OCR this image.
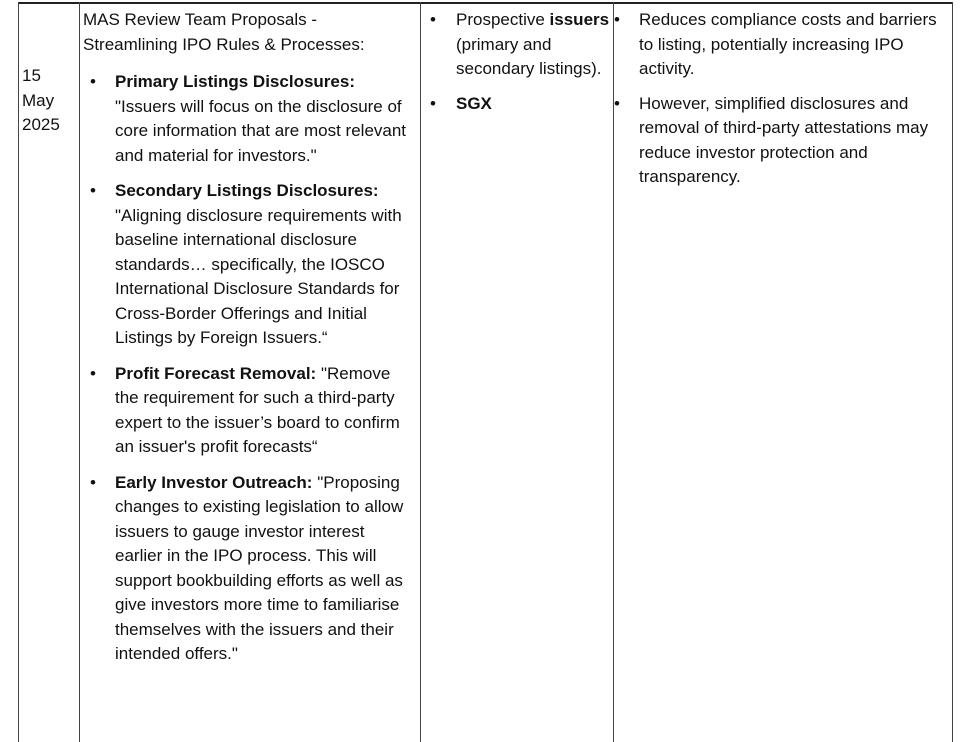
15
May
2025
MAS Review Team Proposals - Streamlining IPO Rules & Processes:
• Primary Listings Disclosures: "Issuers will focus on the disclosure of core information that are most relevant and material for investors."
• Secondary Listings Disclosures: "Aligning disclosure requirements with baseline international disclosure standards… specifically, the IOSCO International Disclosure Standards for Cross-Border Offerings and Initial Listings by Foreign Issuers.“
• Profit Forecast Removal: "Remove the requirement for such a third-party expert to the issuer’s board to confirm an issuer's profit forecasts“
• Early Investor Outreach: "Proposing changes to existing legislation to allow issuers to gauge investor interest earlier in the IPO process. This will support bookbuilding efforts as well as give investors more time to familiarise themselves with the issuers and their intended offers."
• Prospective issuers (primary and secondary listings).
• SGX
• Reduces compliance costs and barriers to listing, potentially increasing IPO activity.
• However, simplified disclosures and removal of third-party attestations may reduce investor protection and transparency.
